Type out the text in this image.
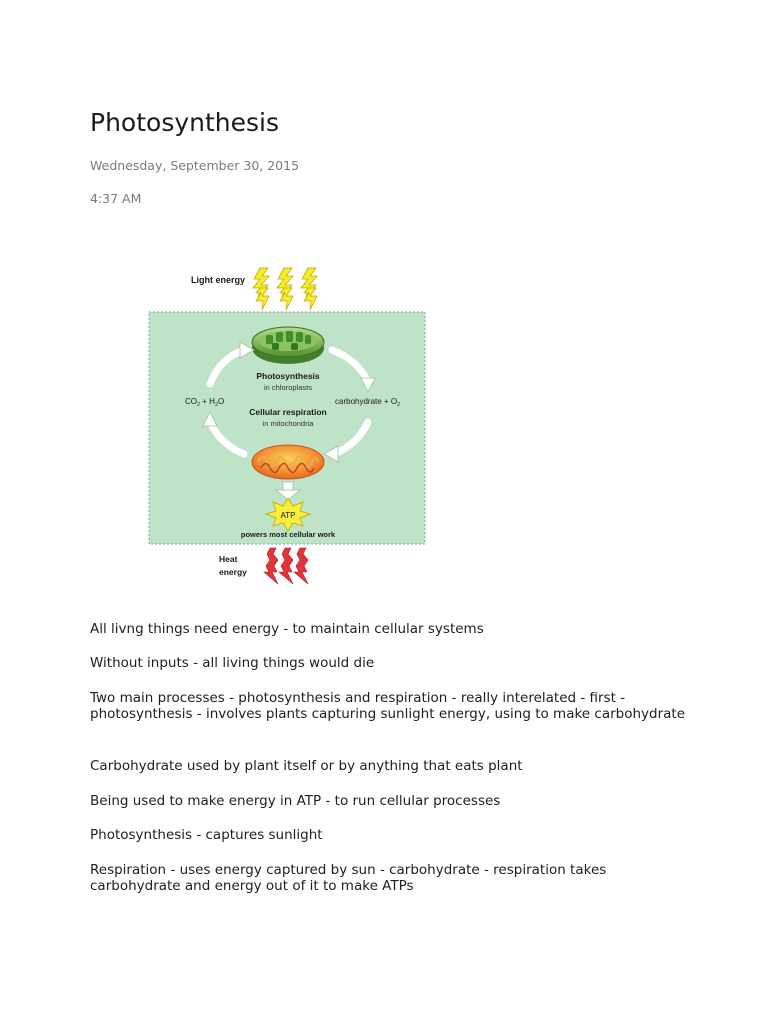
Photosynthesis
Wednesday, September 30, 2015
4:37 AM
Light energy
Photosynthesis
in chloroplasts
$CO_2 + H_2O$	carbohydrate + $O_2$
Cellular respiration
in mitochondria
ATP
powers most cellular work
Heat
energy

All livng things need energy - to maintain cellular systems

Without inputs - all living things would die

Two main processes - photosynthesis and respiration - really interelated - first - photosynthesis - involves plants capturing sunlight energy, using to make carbohydrate

Carbohydrate used by plant itself or by anything that eats plant

Being used to make energy in ATP - to run cellular processes

Photosynthesis - captures sunlight

Respiration - uses energy captured by sun - carbohydrate - respiration takes carbohydrate and energy out of it to make ATPs
